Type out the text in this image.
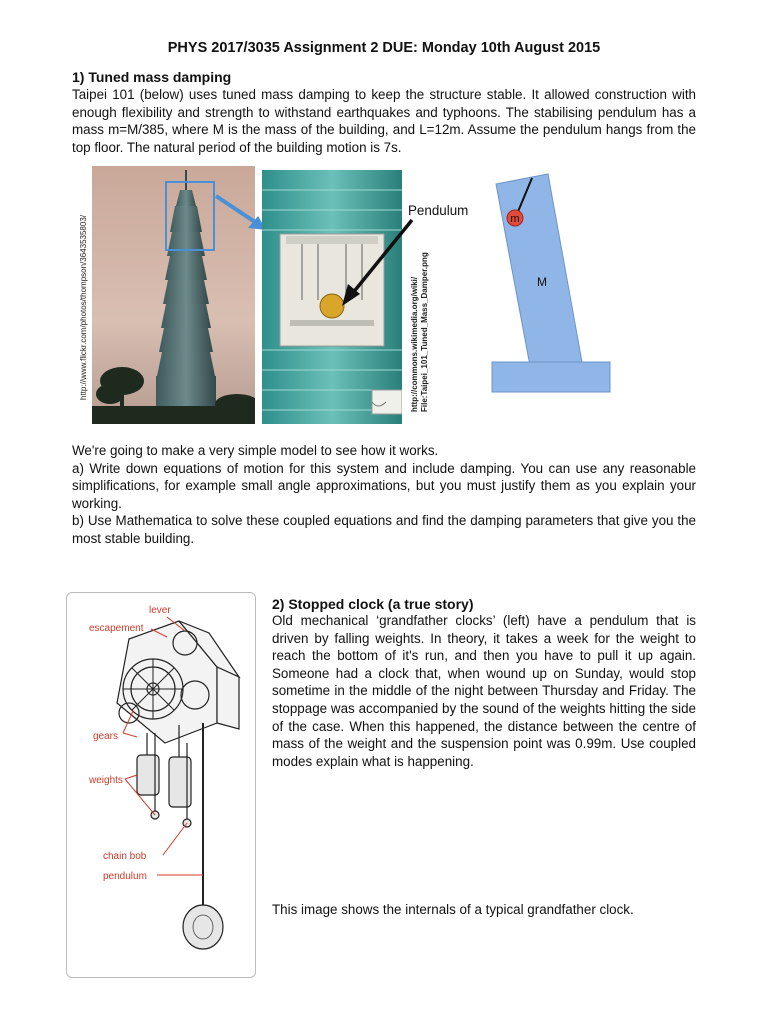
PHYS 2017/3035 Assignment 2 DUE: Monday 10th August 2015
1) Tuned mass damping

Taipei 101 (below) uses tuned mass damping to keep the structure stable. It allowed construction with enough flexibility and strength to withstand earthquakes and typhoons. The stabilising pendulum has a mass m=M/385, where M is the mass of the building, and L=12m. Assume the pendulum hangs from the top floor. The natural period of the building motion is 7s.

http://www.flickr.com/photos/thompson/3643535803/
Pendulum
http://commons.wikimedia.org/wiki/ File:Taipei_101_Tuned_Mass_Damper.png
m
M

We're going to make a very simple model to see how it works.

a) Write down equations of motion for this system and include damping. You can use any reasonable simplifications, for example small angle approximations, but you must justify them as you explain your working.

b) Use Mathematica to solve these coupled equations and find the damping parameters that give you the most stable building.

lever
escapement
gears
weights
chain bob
pendulum
2) Stopped clock (a true story)

Old mechanical ‘grandfather clocks’ (left) have a pendulum that is driven by falling weights. In theory, it takes a week for the weight to reach the bottom of it's run, and then you have to pull it up again. Someone had a clock that, when wound up on Sunday, would stop sometime in the middle of the night between Thursday and Friday. The stoppage was accompanied by the sound of the weights hitting the side of the case. When this happened, the distance between the centre of mass of the weight and the suspension point was 0.99m. Use coupled modes explain what is happening.

This image shows the internals of a typical grandfather clock.
